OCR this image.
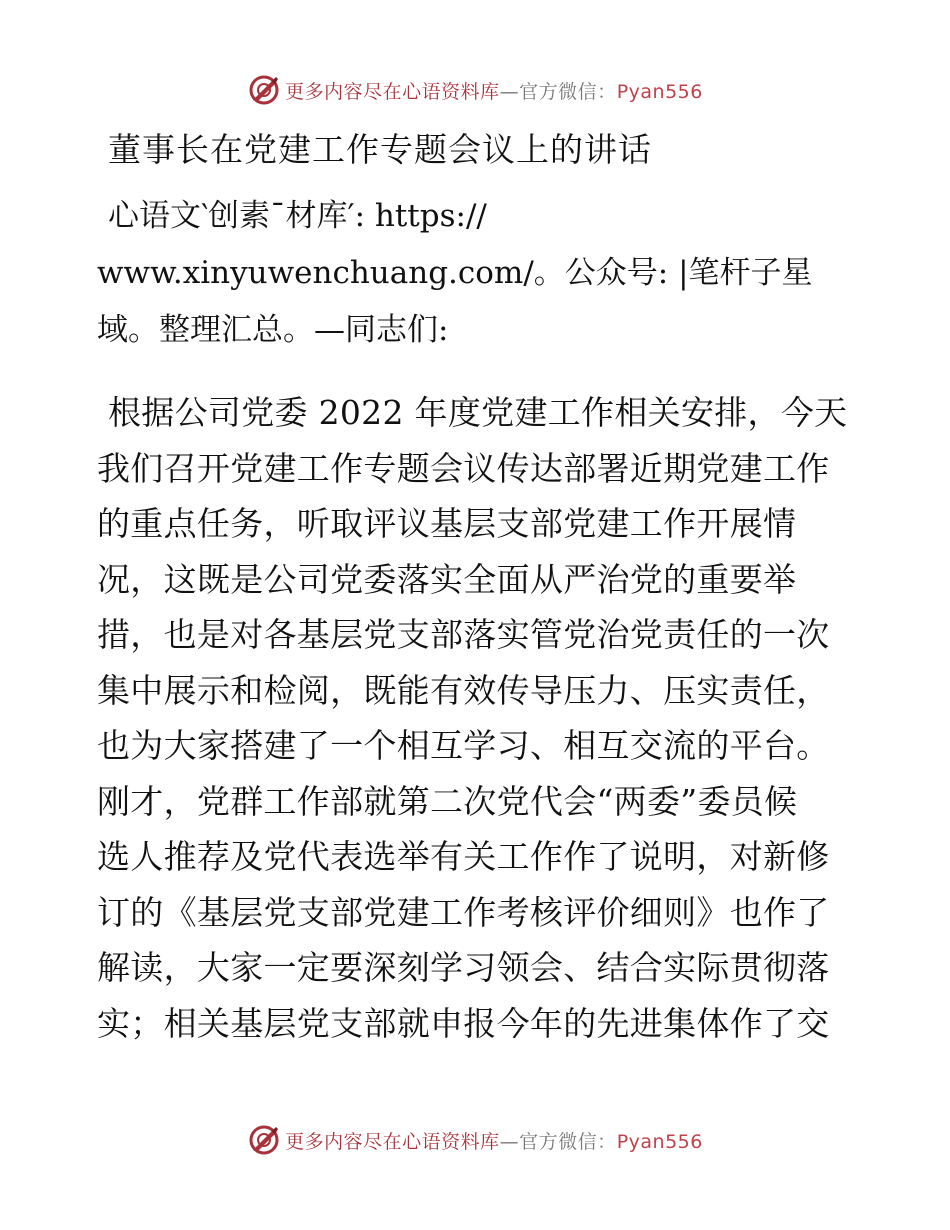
更多内容尽在心语资料库—官方微信：Pyan556
董事长在党建工作专题会议上的讲话

心语文‵创素ˉ材库′: https://
www.xinyuwenchuang.com/。公众号: |笔杆子星
域。整理汇总。—同志们:

根据公司党委 2022 年度党建工作相关安排，今天
我们召开党建工作专题会议传达部署近期党建工作
的重点任务，听取评议基层支部党建工作开展情
况，这既是公司党委落实全面从严治党的重要举
措，也是对各基层党支部落实管党治党责任的一次
集中展示和检阅，既能有效传导压力、压实责任，
也为大家搭建了一个相互学习、相互交流的平台。
刚才，党群工作部就第二次党代会“两委”委员候
选人推荐及党代表选举有关工作作了说明，对新修
订的《基层党支部党建工作考核评价细则》也作了
解读，大家一定要深刻学习领会、结合实际贯彻落
实；相关基层党支部就申报今年的先进集体作了交

更多内容尽在心语资料库—官方微信：Pyan556
